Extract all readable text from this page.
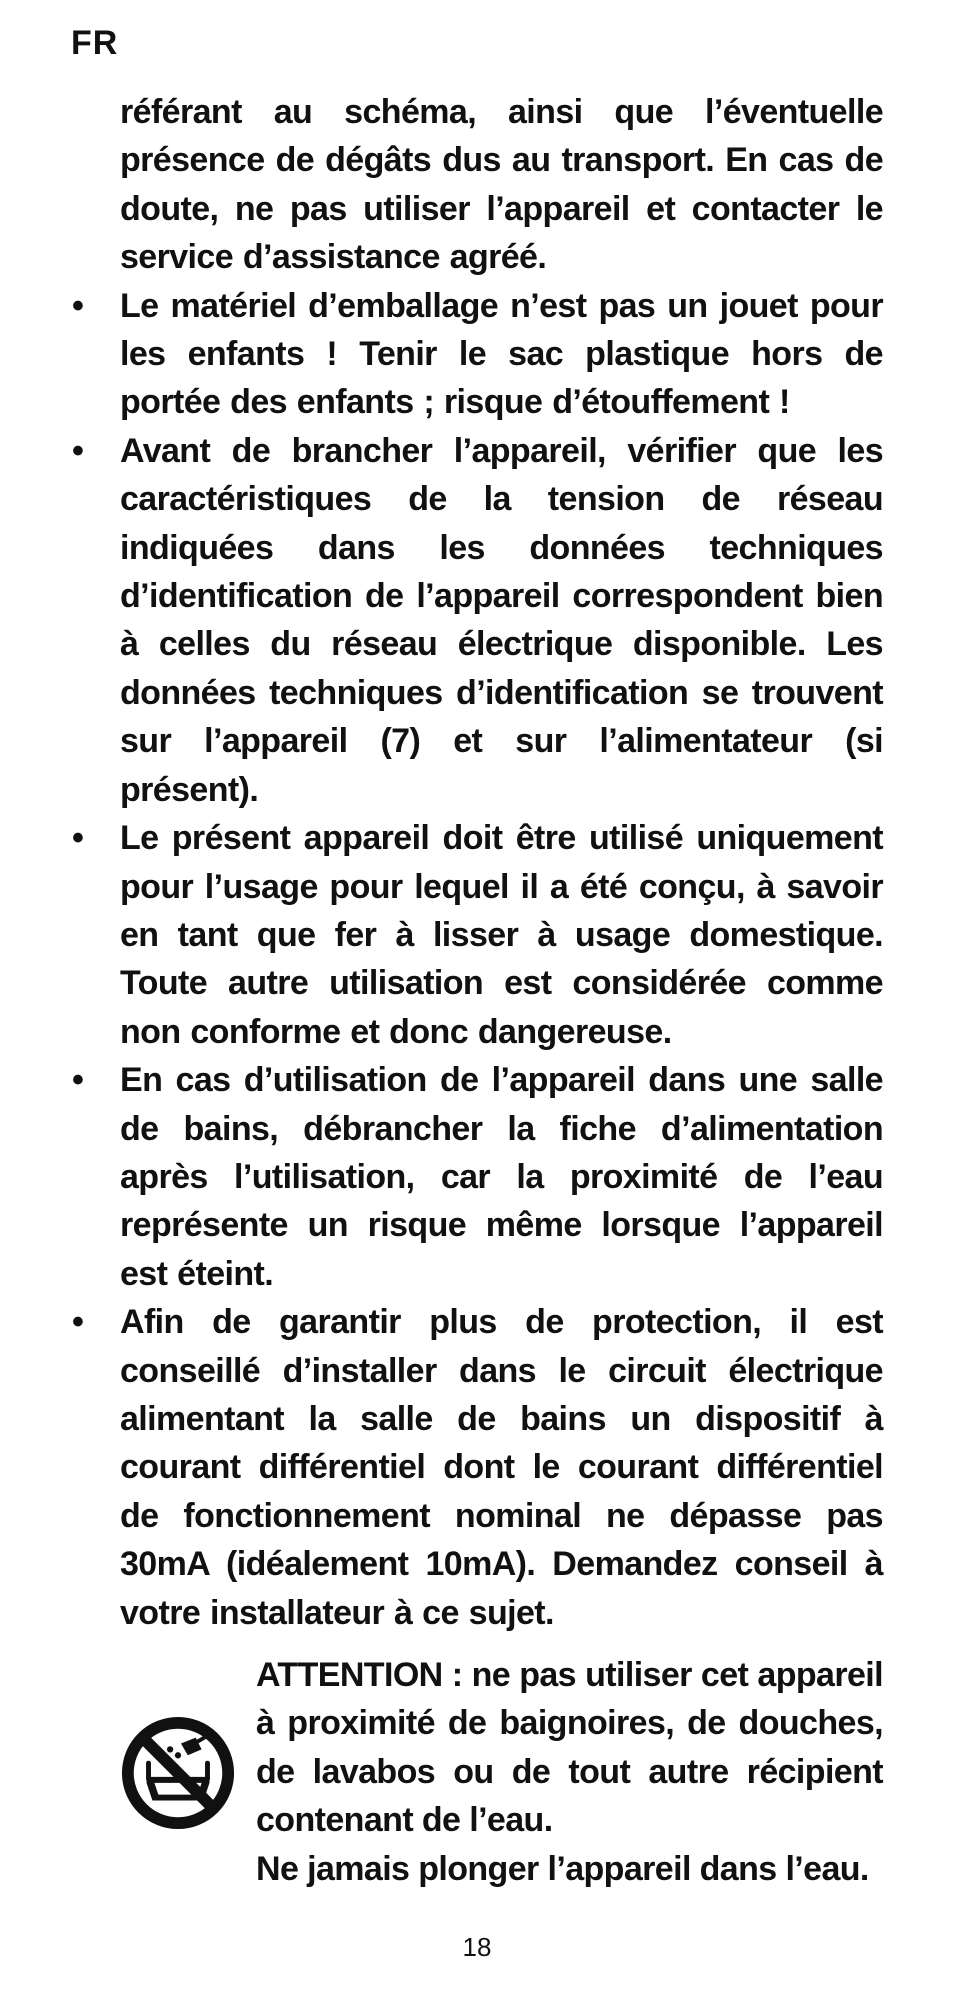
FR
référant au schéma, ainsi que l’éventuelle présence de dégâts dus au transport. En cas de doute, ne pas utiliser l’appareil et contacter le service d’assistance agréé.
•	Le matériel d’emballage n’est pas un jouet pour les enfants ! Tenir le sac plastique hors de portée des enfants ; risque d’étouffement !
•	Avant de brancher l’appareil, vérifier que les caractéristiques de la tension de réseau indiquées dans les données techniques d’identification de l’appareil correspondent bien à celles du réseau électrique disponible. Les données techniques d’identification se trouvent sur l’appareil (7) et sur l’alimentateur (si présent).
•	Le présent appareil doit être utilisé uniquement pour l’usage pour lequel il a été conçu, à savoir en tant que fer à lisser à usage domestique. Toute autre utilisation est considérée comme non conforme et donc dangereuse.
•	En cas d’utilisation de l’appareil dans une salle de bains, débrancher la fiche d’alimentation après l’utilisation, car la proximité de l’eau représente un risque même lorsque l’appareil est éteint.
•	Afin de garantir plus de protection, il est conseillé d’installer dans le circuit électrique alimentant la salle de bains un dispositif à courant différentiel dont le courant différentiel de fonctionnement nominal ne dépasse pas 30mA (idéalement 10mA). Demandez conseil à votre installateur à ce sujet.

ATTENTION : ne pas utiliser cet appareil à proximité de baignoires, de douches, de lavabos ou de tout autre récipient contenant de l’eau.

Ne jamais plonger l’appareil dans l’eau.

18
